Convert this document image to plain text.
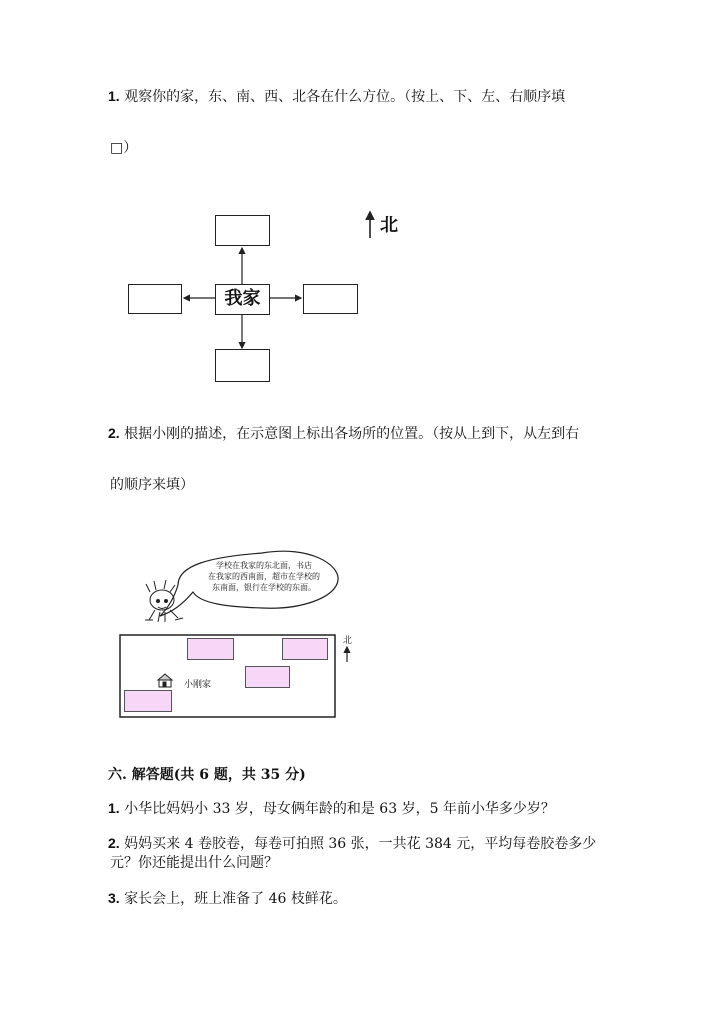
1. 观察你的家，东、南、西、北各在什么方位。（按上、下、左、右顺序填
□）
我家
北
2. 根据小刚的描述，在示意图上标出各场所的位置。（按从上到下，从左到右
的顺序来填）
学校在我家的东北面，书店
在我家的西南面，超市在学校的
东南面，银行在学校的东面。
小刚家
北
六. 解答题(共 6 题，共 35 分)
1. 小华比妈妈小 33 岁，母女俩年龄的和是 63 岁，5 年前小华多少岁？
2. 妈妈买来 4 卷胶卷，每卷可拍照 36 张，一共花 384 元，平均每卷胶卷多少
元？你还能提出什么问题？
3. 家长会上，班上准备了 46 枝鲜花。
